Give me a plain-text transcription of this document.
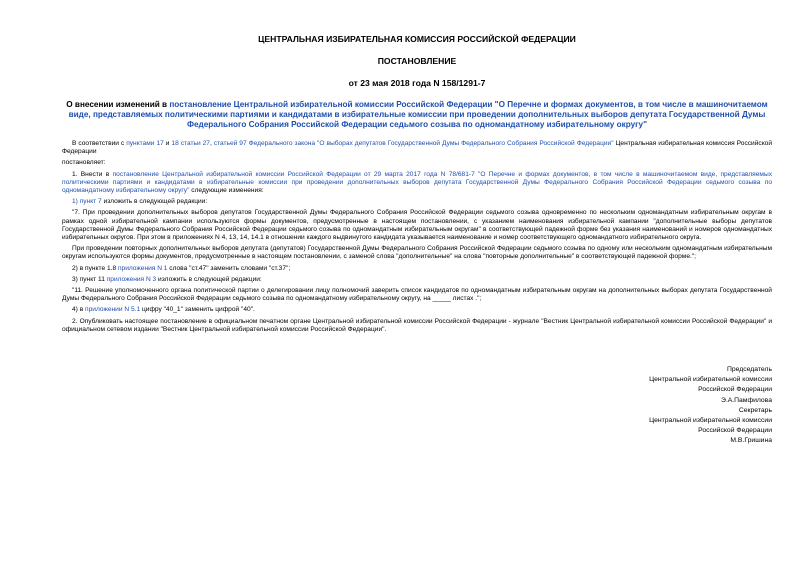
ЦЕНТРАЛЬНАЯ ИЗБИРАТЕЛЬНАЯ КОМИССИЯ РОССИЙСКОЙ ФЕДЕРАЦИИ
ПОСТАНОВЛЕНИЕ
от 23 мая 2018 года N 158/1291-7
О внесении изменений в постановление Центральной избирательной комиссии Российской Федерации "О Перечне и формах документов, в том числе в машиночитаемом виде, представляемых политическими партиями и кандидатами в избирательные комиссии при проведении дополнительных выборов депутата Государственной Думы Федерального Собрания Российской Федерации седьмого созыва по одномандатному избирательному округу"

В соответствии с пунктами 17 и 18 статьи 27, статьей 97 Федерального закона "О выборах депутатов Государственной Думы Федерального Собрания Российской Федерации" Центральная избирательная комиссия Российской Федерации

постановляет:

1. Внести в постановление Центральной избирательной комиссии Российской Федерации от 29 марта 2017 года N 78/681-7 "О Перечне и формах документов, в том числе в машиночитаемом виде, представляемых политическими партиями и кандидатами в избирательные комиссии при проведении дополнительных выборов депутата Государственной Думы Федерального Собрания Российской Федерации седьмого созыва по одномандатному избирательному округу" следующие изменения:

1) пункт 7 изложить в следующей редакции:

"7. При проведении дополнительных выборов депутатов Государственной Думы Федерального Собрания Российской Федерации седьмого созыва одновременно по нескольким одномандатным избирательным округам в рамках одной избирательной кампании используются формы документов, предусмотренные в настоящем постановлении, с указанием наименования избирательной кампании "дополнительные выборы депутатов Государственной Думы Федерального Собрания Российской Федерации седьмого созыва по одномандатным избирательным округам" в соответствующей падежной форме без указания наименований и номеров одномандатных избирательных округов. При этом в приложениях N 4, 13, 14, 14.1 в отношении каждого выдвинутого кандидата указывается наименование и номер соответствующего одномандатного избирательного округа.

При проведении повторных дополнительных выборов депутата (депутатов) Государственной Думы Федерального Собрания Российской Федерации седьмого созыва по одному или нескольким одномандатным избирательным округам используются формы документов, предусмотренные в настоящем постановлении, с заменой слова "дополнительные" на слова "повторные дополнительные" в соответствующей падежной форме.";

2) в пункте 1.8 приложения N 1 слова "ст.47" заменить словами "ст.37";

3) пункт 11 приложения N 3 изложить в следующей редакции:

"11. Решение уполномоченного органа политической партии о делегировании лицу полномочий заверить список кандидатов по одномандатным избирательным округам на дополнительных выборах депутата Государственной Думы Федерального Собрания Российской Федерации седьмого созыва по одномандатному избирательному округу, на _____ листах .";

4) в приложении N 5.1 цифру "40_1" заменить цифрой "40".

2. Опубликовать настоящее постановление в официальном печатном органе Центральной избирательной комиссии Российской Федерации - журнале "Вестник Центральной избирательной комиссии Российской Федерации" и официальном сетевом издании "Вестник Центральной избирательной комиссии Российской Федерации".

Председатель
Центральной избирательной комиссии
Российской Федерации
Э.А.Памфилова
Секретарь
Центральной избирательной комиссии
Российской Федерации
М.В.Гришина
